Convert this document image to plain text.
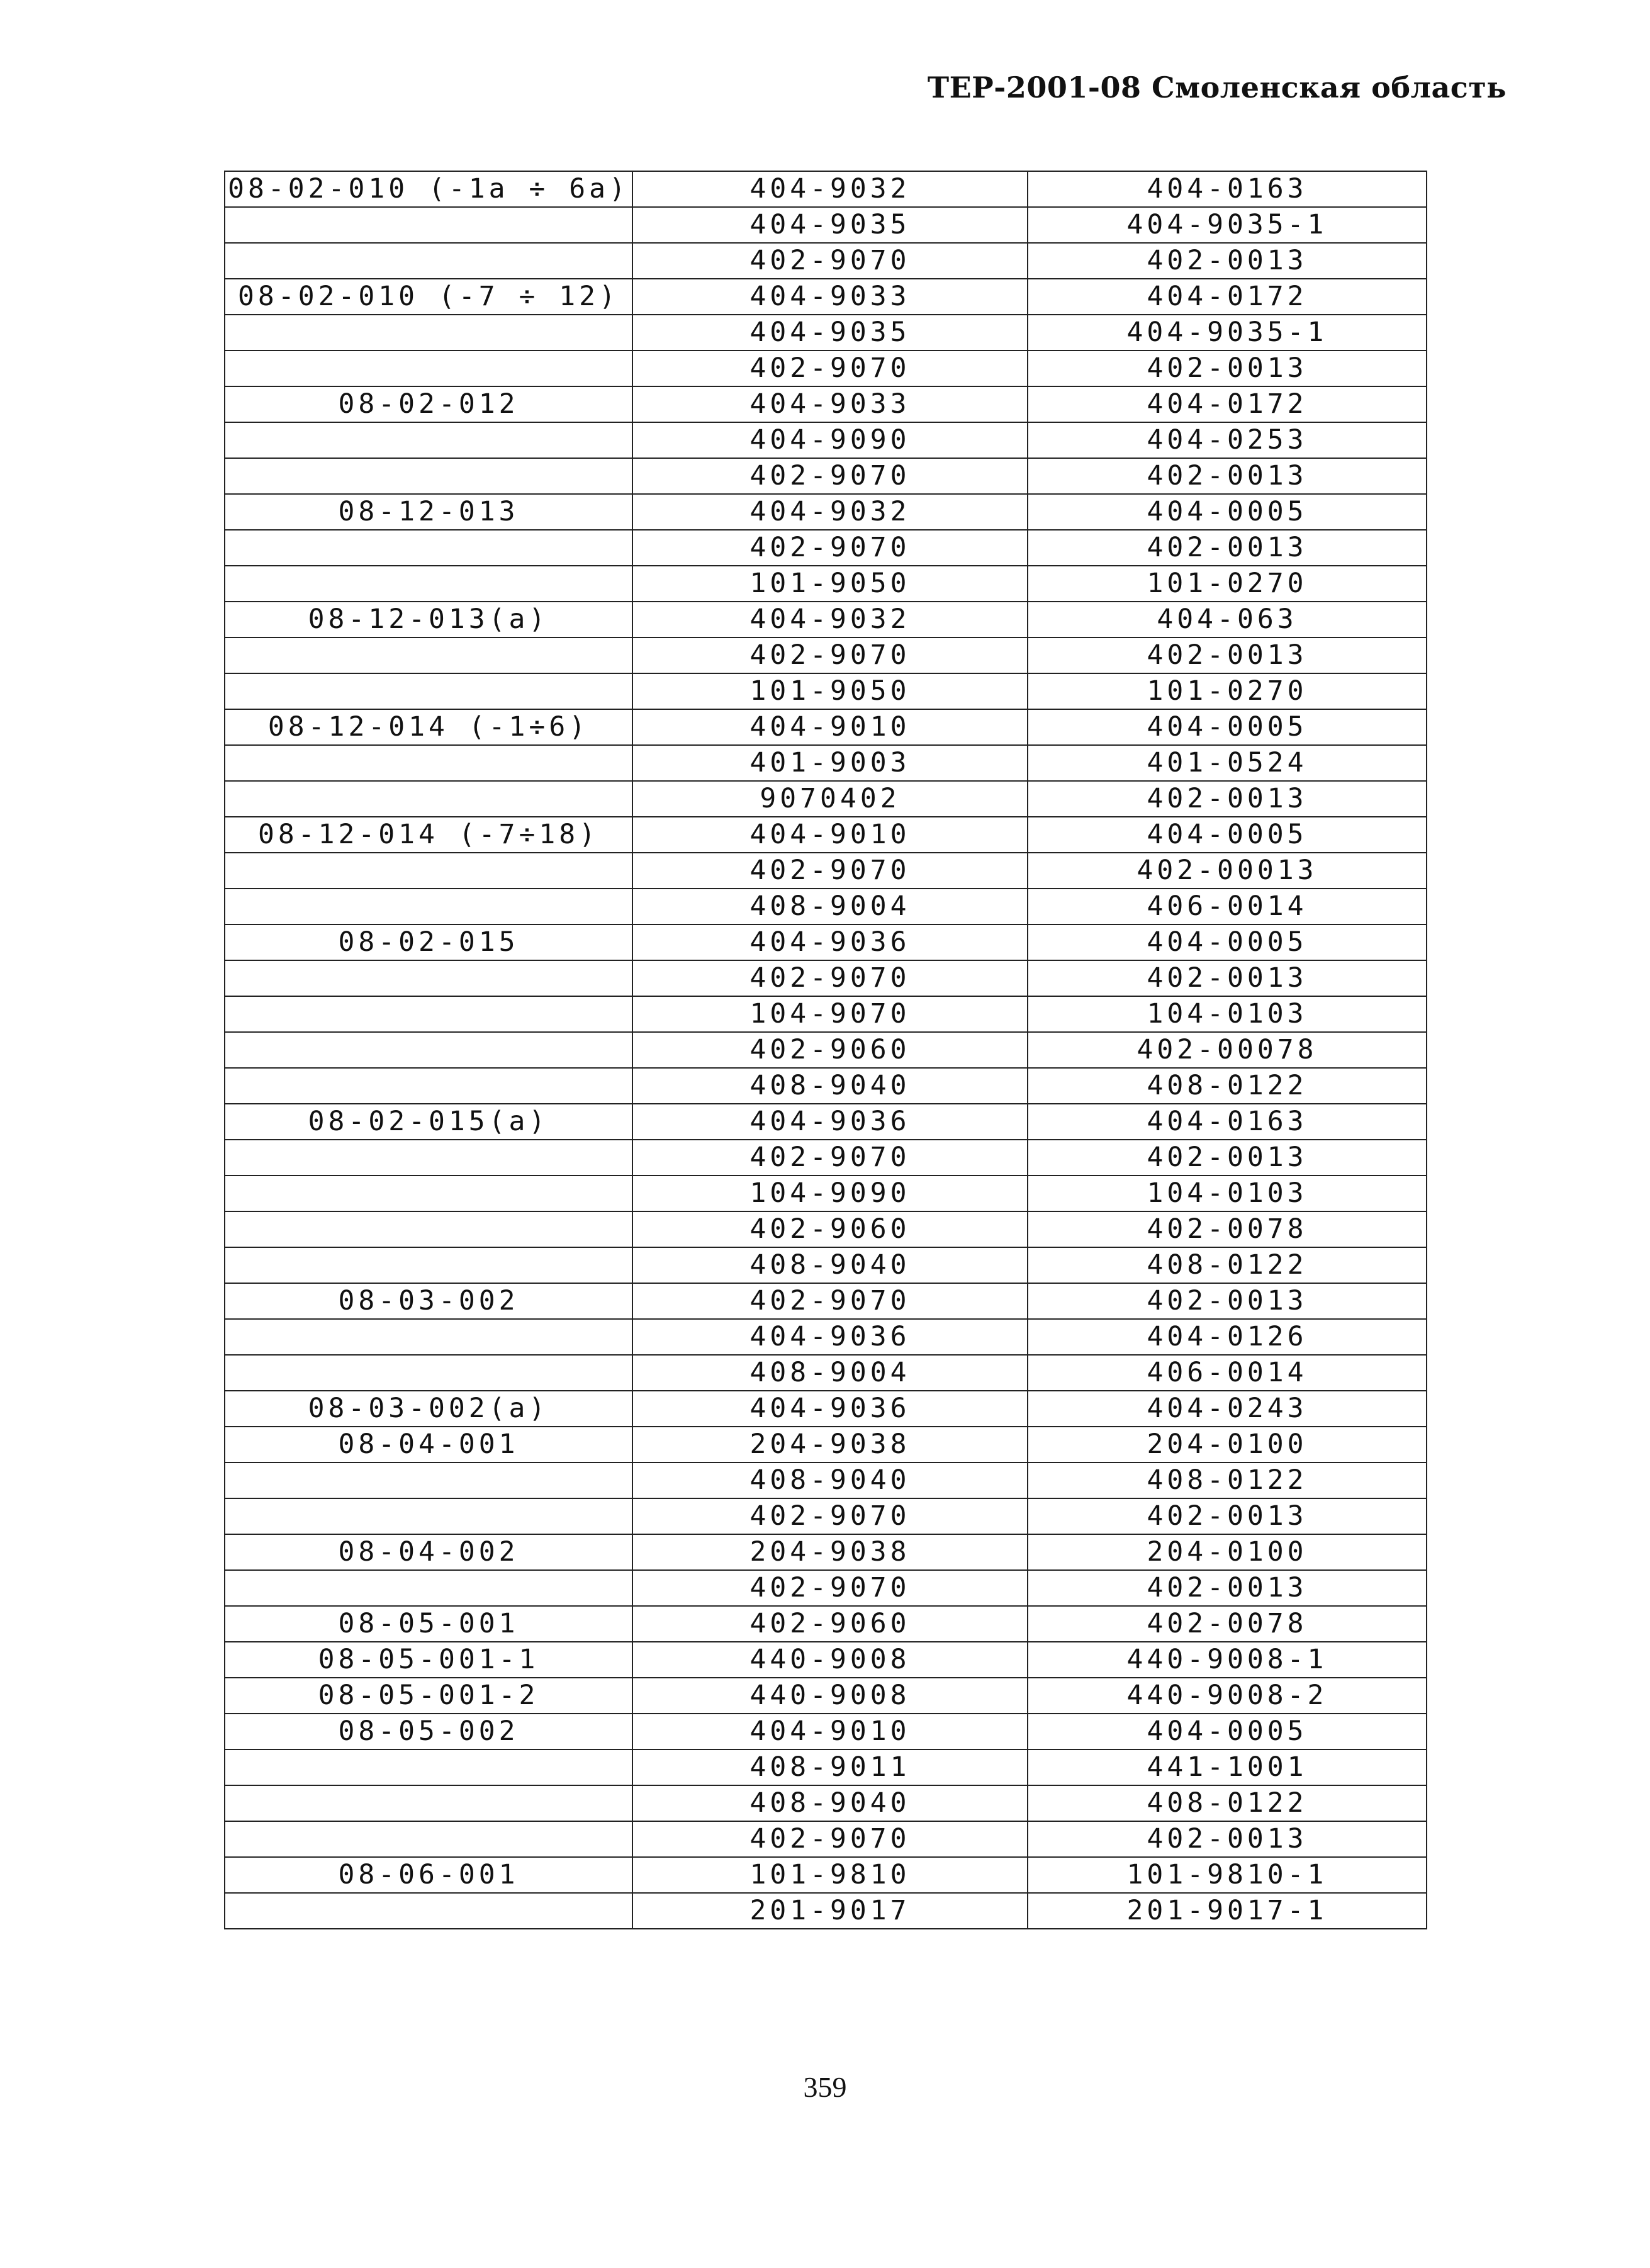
ТЕР-2001-08 Смоленская область
08-02-010 (-1a ÷ 6a)	404-9032	404-0163
	404-9035	404-9035-1
	402-9070	402-0013
08-02-010 (-7 ÷ 12)	404-9033	404-0172
	404-9035	404-9035-1
	402-9070	402-0013
08-02-012	404-9033	404-0172
	404-9090	404-0253
	402-9070	402-0013
08-12-013	404-9032	404-0005
	402-9070	402-0013
	101-9050	101-0270
08-12-013(a)	404-9032	404-063
	402-9070	402-0013
	101-9050	101-0270
08-12-014 (-1÷6)	404-9010	404-0005
	401-9003	401-0524
	9070402	402-0013
08-12-014 (-7÷18)	404-9010	404-0005
	402-9070	402-00013
	408-9004	406-0014
08-02-015	404-9036	404-0005
	402-9070	402-0013
	104-9070	104-0103
	402-9060	402-00078
	408-9040	408-0122
08-02-015(a)	404-9036	404-0163
	402-9070	402-0013
	104-9090	104-0103
	402-9060	402-0078
	408-9040	408-0122
08-03-002	402-9070	402-0013
	404-9036	404-0126
	408-9004	406-0014
08-03-002(a)	404-9036	404-0243
08-04-001	204-9038	204-0100
	408-9040	408-0122
	402-9070	402-0013
08-04-002	204-9038	204-0100
	402-9070	402-0013
08-05-001	402-9060	402-0078
08-05-001-1	440-9008	440-9008-1
08-05-001-2	440-9008	440-9008-2
08-05-002	404-9010	404-0005
	408-9011	441-1001
	408-9040	408-0122
	402-9070	402-0013
08-06-001	101-9810	101-9810-1
	201-9017	201-9017-1
359
